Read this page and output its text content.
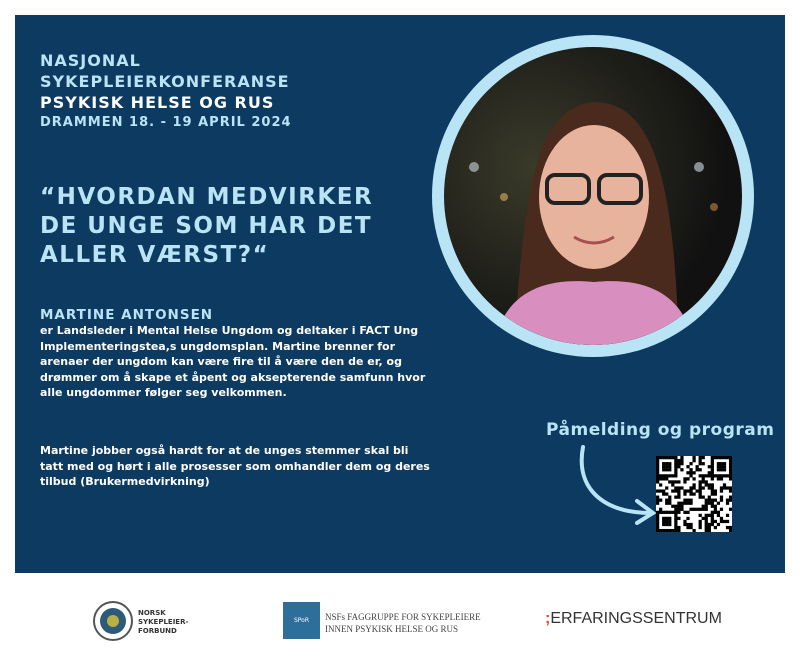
NASJONAL
SYKEPLEIERKONFERANSE
PSYKISK HELSE OG RUS
DRAMMEN 18. - 19 APRIL 2024
“HVORDAN MEDVIRKER DE UNGE SOM HAR DET ALLER VÆRST?“
MARTINE ANTONSEN

er Landsleder i Mental Helse Ungdom og deltaker i FACT Ung Implementeringstea,s ungdomsplan. Martine brenner for arenaer der ungdom kan være fire til å være den de er, og drømmer om å skape et åpent og aksepterende samfunn hvor alle ungdommer følger seg velkommen.

Martine jobber også hardt for at de unges stemmer skal bli tatt med og hørt i alle prosesser som omhandler dem og deres tilbud (Brukermedvirkning)

Påmelding og program
NORSK
SYKEPLEIER-
FORBUND
SPoR	NSFs FAGGRUPPE FOR SYKEPLEIERE
INNEN PSYKISK HELSE OG RUS
;ERFARINGSSENTRUM
